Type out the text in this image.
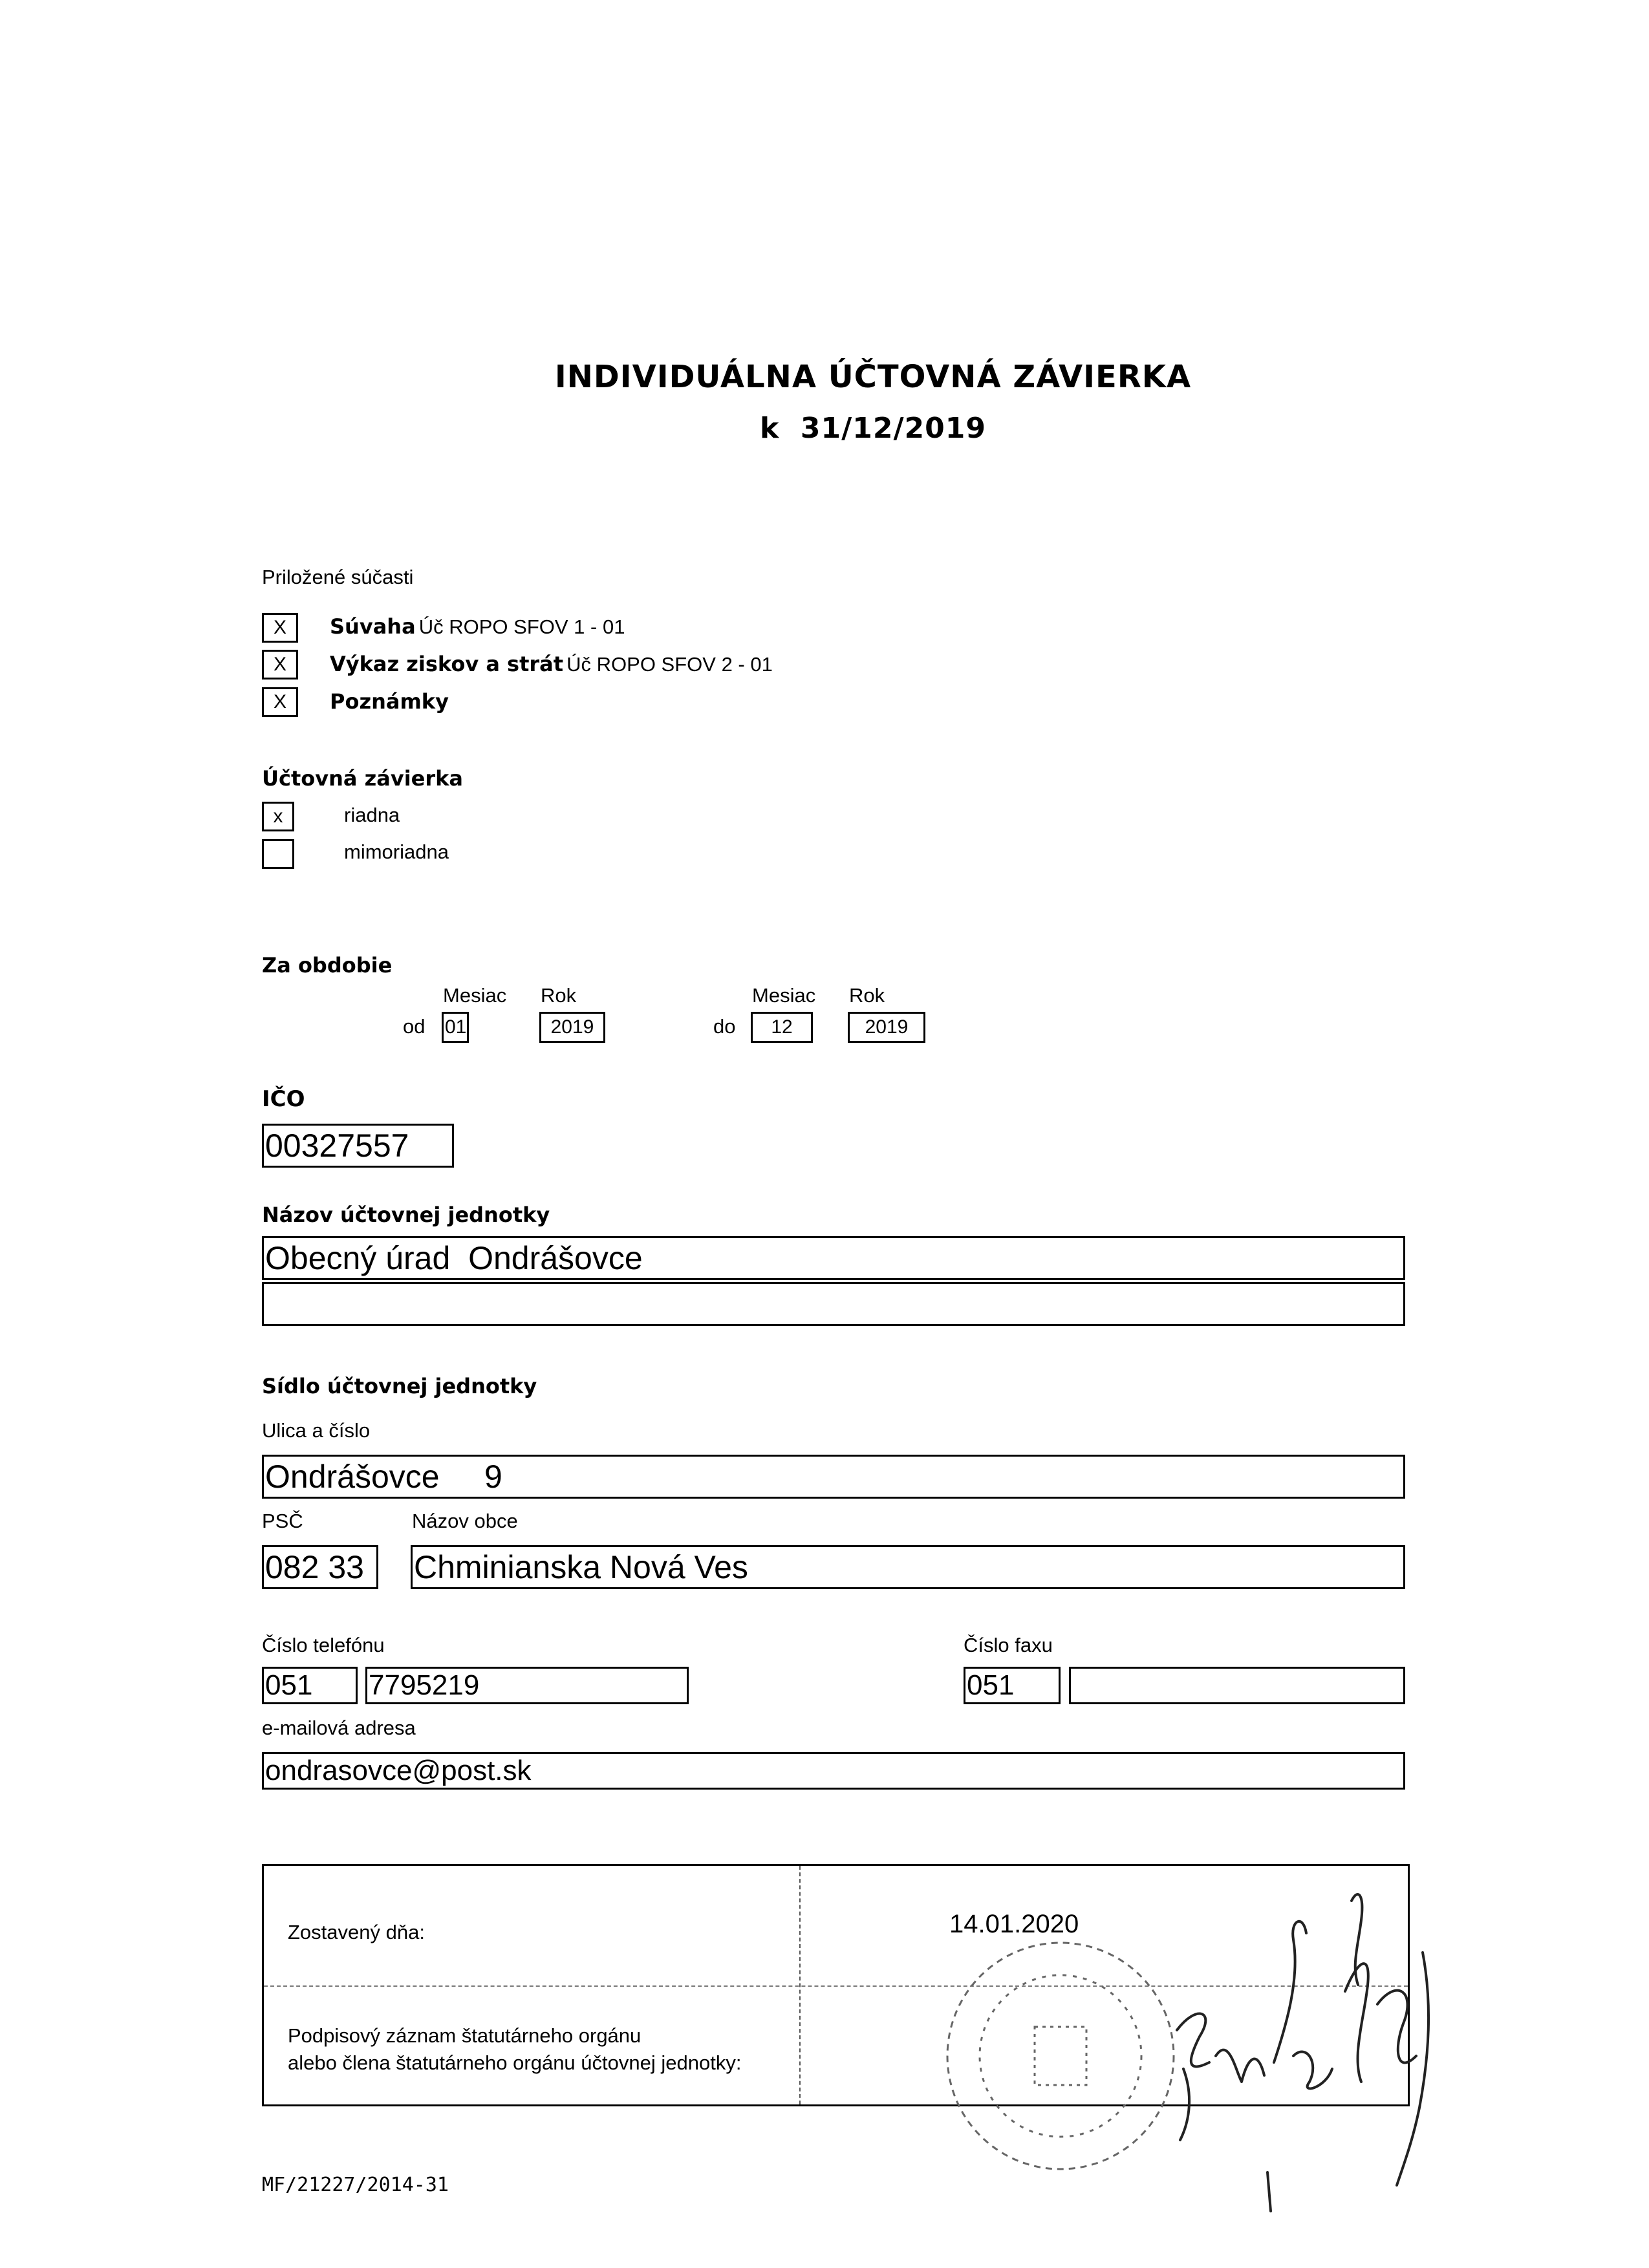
INDIVIDUÁLNA ÚČTOVNÁ ZÁVIERKA
k  31/12/2019
Priložené súčasti
X	Súvaha Úč ROPO SFOV 1 - 01
X	Výkaz ziskov a strát Úč ROPO SFOV 2 - 01
X	Poznámky
Účtovná závierka
x	riadna
mimoriadna
Za obdobie
Mesiac Rok	Mesiac Rok
od 01	2019	do	12	2019
IČO
00327557
Názov účtovnej jednotky
Obecný úrad  Ondrášovce
Sídlo účtovnej jednotky
Ulica a číslo
Ondrášovce     9
PSČ	Názov obce
082 33	Chminianska Nová Ves
Číslo telefónu	Číslo faxu
051	7795219	051
e-mailová adresa
ondrasovce@post.sk
Zostavený dňa:	14.01.2020
Podpisový záznam štatutárneho orgánu
alebo člena štatutárneho orgánu účtovnej jednotky:
MF/21227/2014-31
